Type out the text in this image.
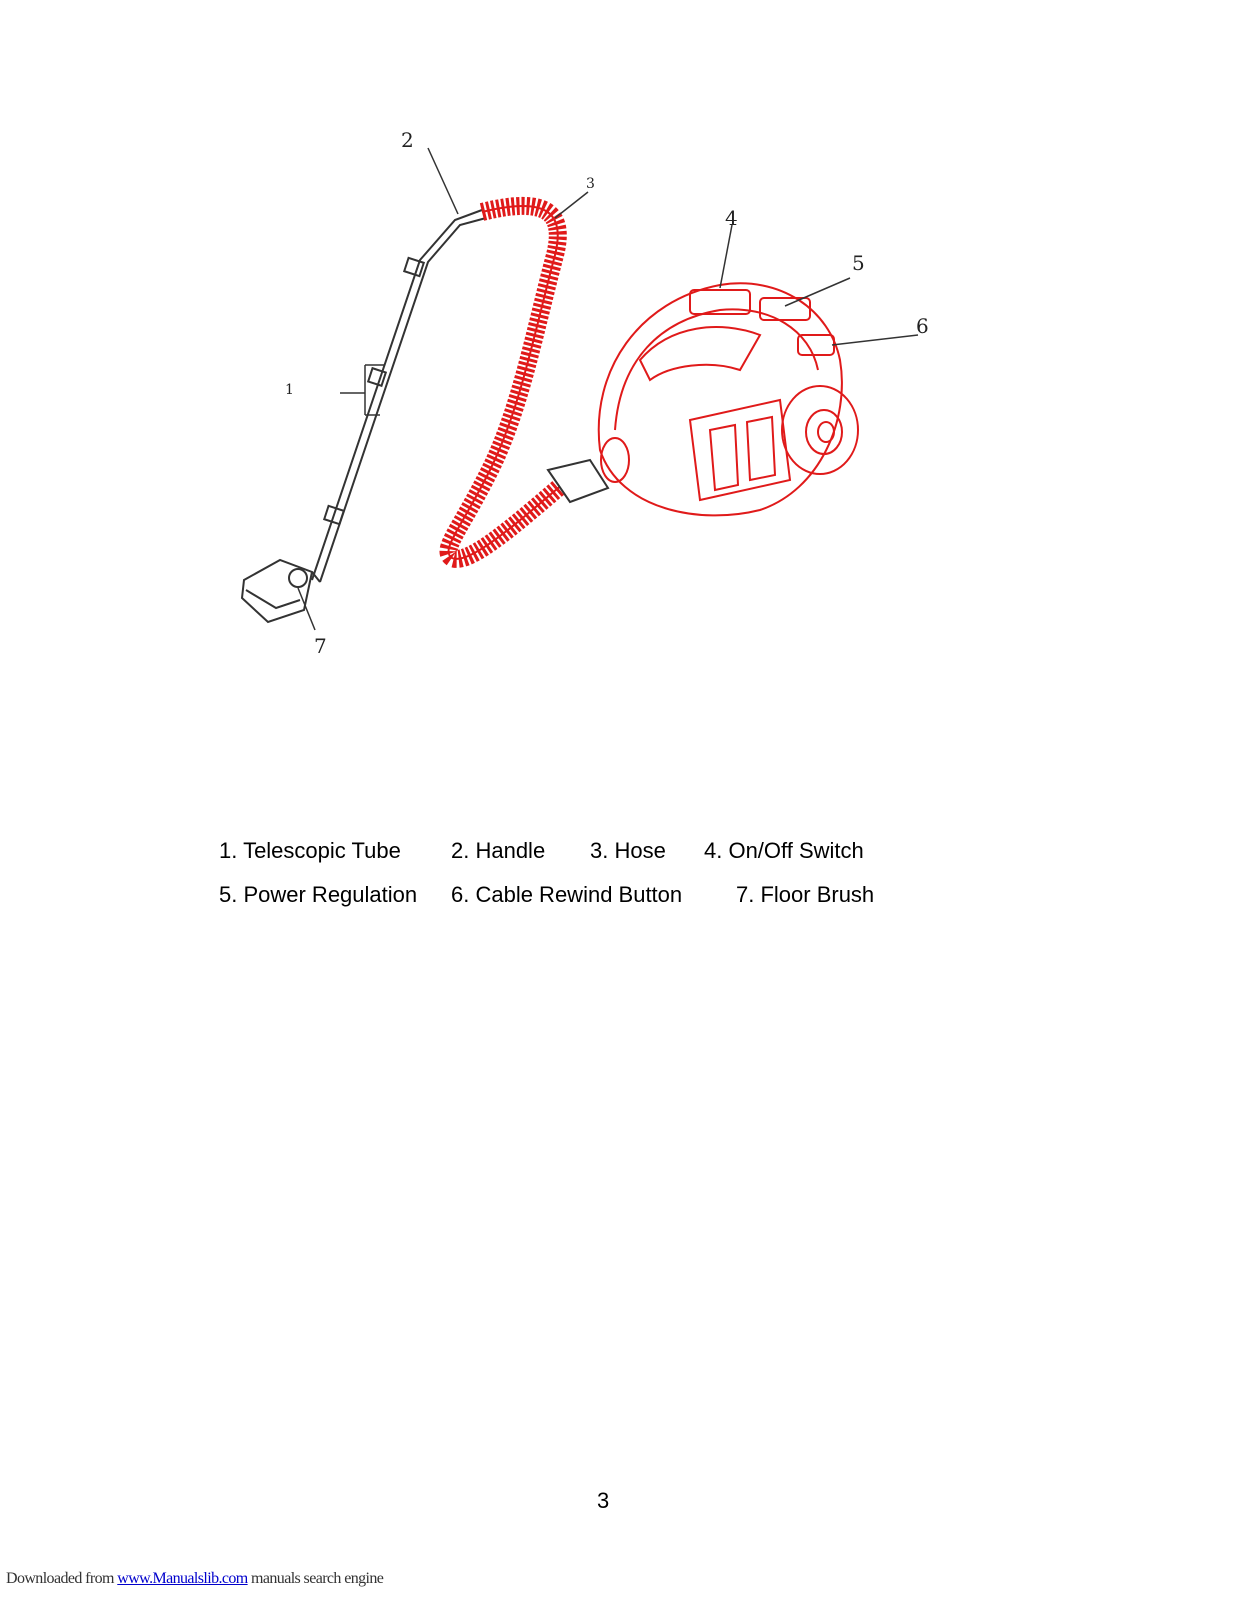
1
2
3
4
5
6
7
1. Telescopic Tube 2. Handle 3. Hose 4. On/Off Switch
5. Power Regulation 6. Cable Rewind Button 7. Floor Brush
3
Downloaded from www.Manualslib.com manuals search engine
